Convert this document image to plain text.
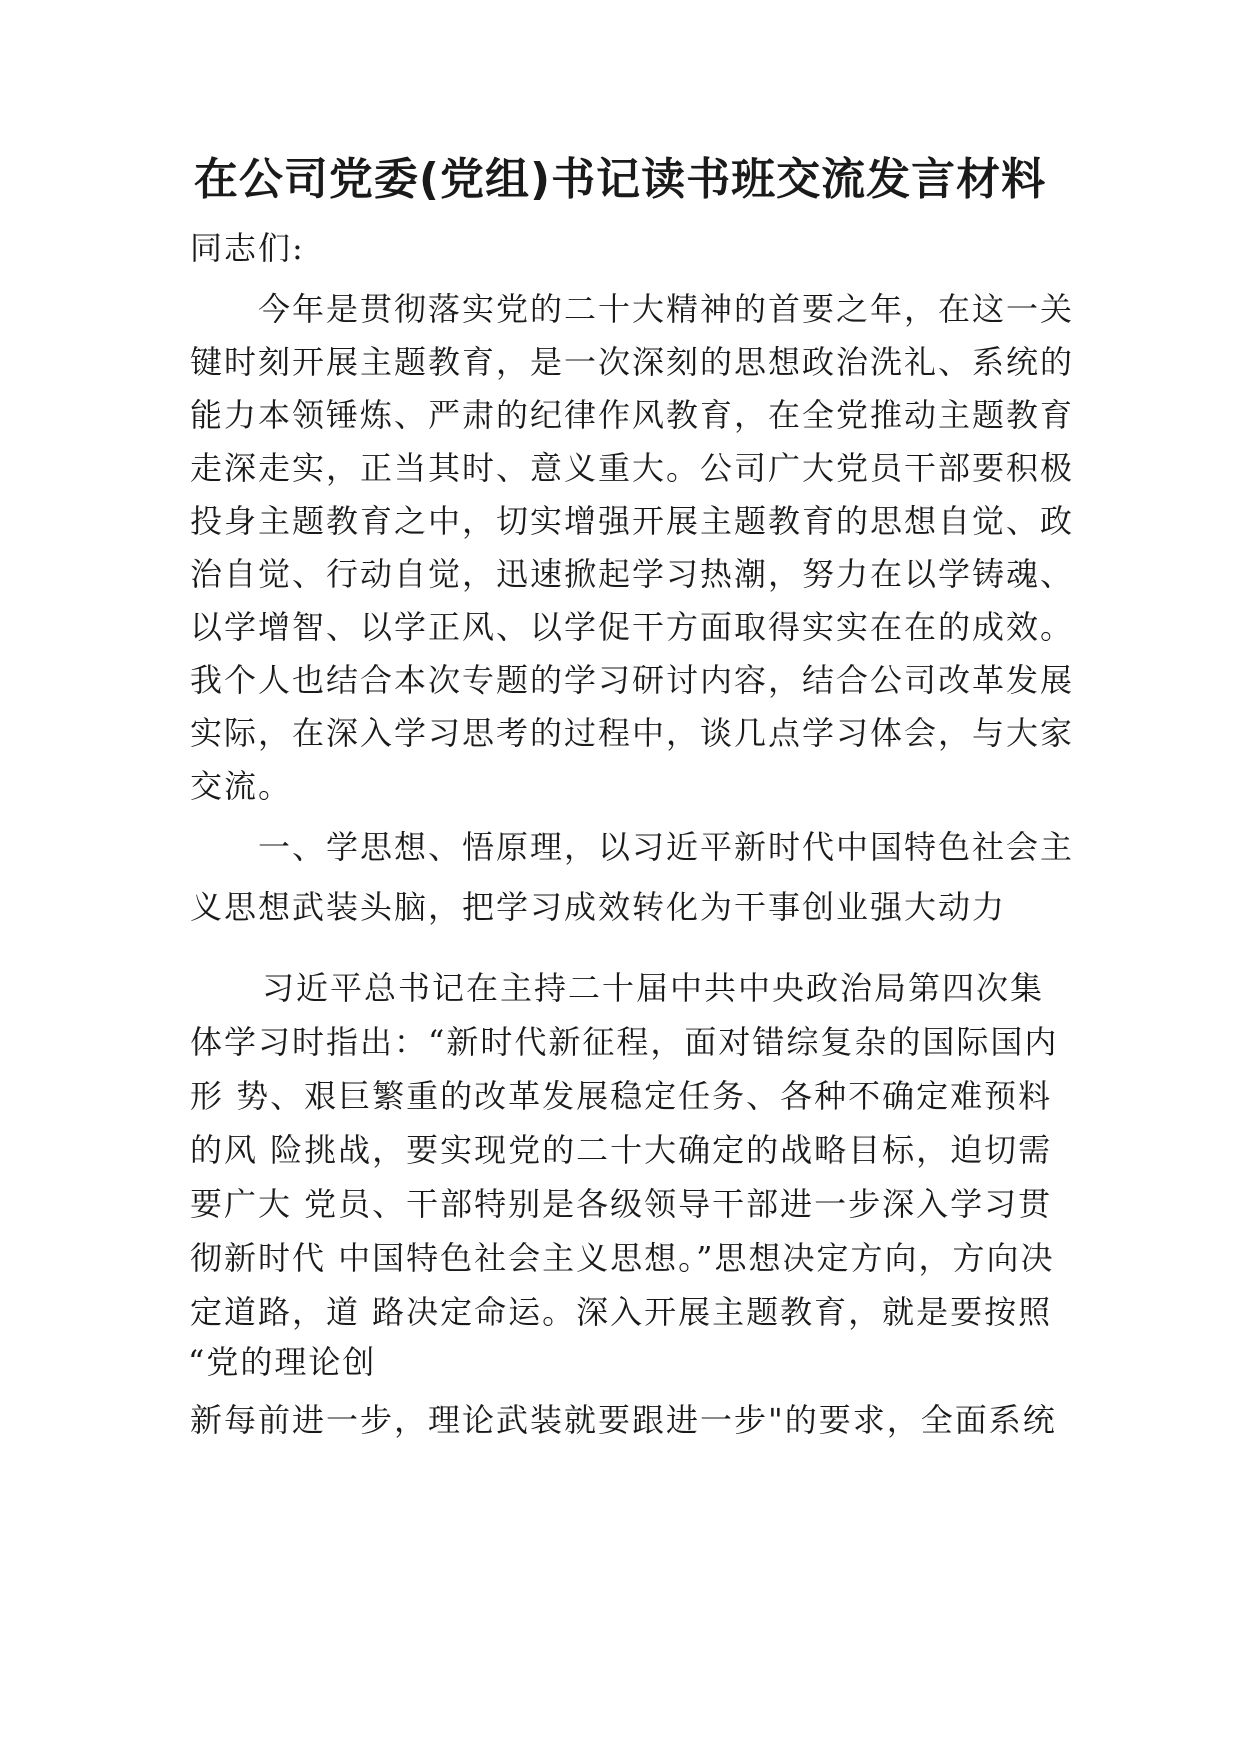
在公司党委(党组)书记读书班交流发言材料

同志们:

今年是贯彻落实党的二十大精神的首要之年，在这一关

键时刻开展主题教育，是一次深刻的思想政治洗礼、系统的

能力本领锤炼、严肃的纪律作风教育，在全党推动主题教育

走深走实，正当其时、意义重大。公司广大党员干部要积极

投身主题教育之中，切实增强开展主题教育的思想自觉、政

治自觉、行动自觉，迅速掀起学习热潮，努力在以学铸魂、

以学增智、以学正风、以学促干方面取得实实在在的成效。

我个人也结合本次专题的学习研讨内容，结合公司改革发展

实际，在深入学习思考的过程中，谈几点学习体会，与大家

交流。

一、学思想、悟原理，以习近平新时代中国特色社会主

义思想武装头脑，把学习成效转化为干事创业强大动力

习近平总书记在主持二十届中共中央政治局第四次集

体学习时指出：“新时代新征程，面对错综复杂的国际国内

形 势、艰巨繁重的改革发展稳定任务、各种不确定难预料

的风 险挑战，要实现党的二十大确定的战略目标，迫切需

要广大 党员、干部特别是各级领导干部进一步深入学习贯

彻新时代 中国特色社会主义思想。”思想决定方向，方向决

定道路，道 路决定命运。深入开展主题教育，就是要按照

“党的理论创

新每前进一步，理论武装就要跟进一步"的要求，全面系统
